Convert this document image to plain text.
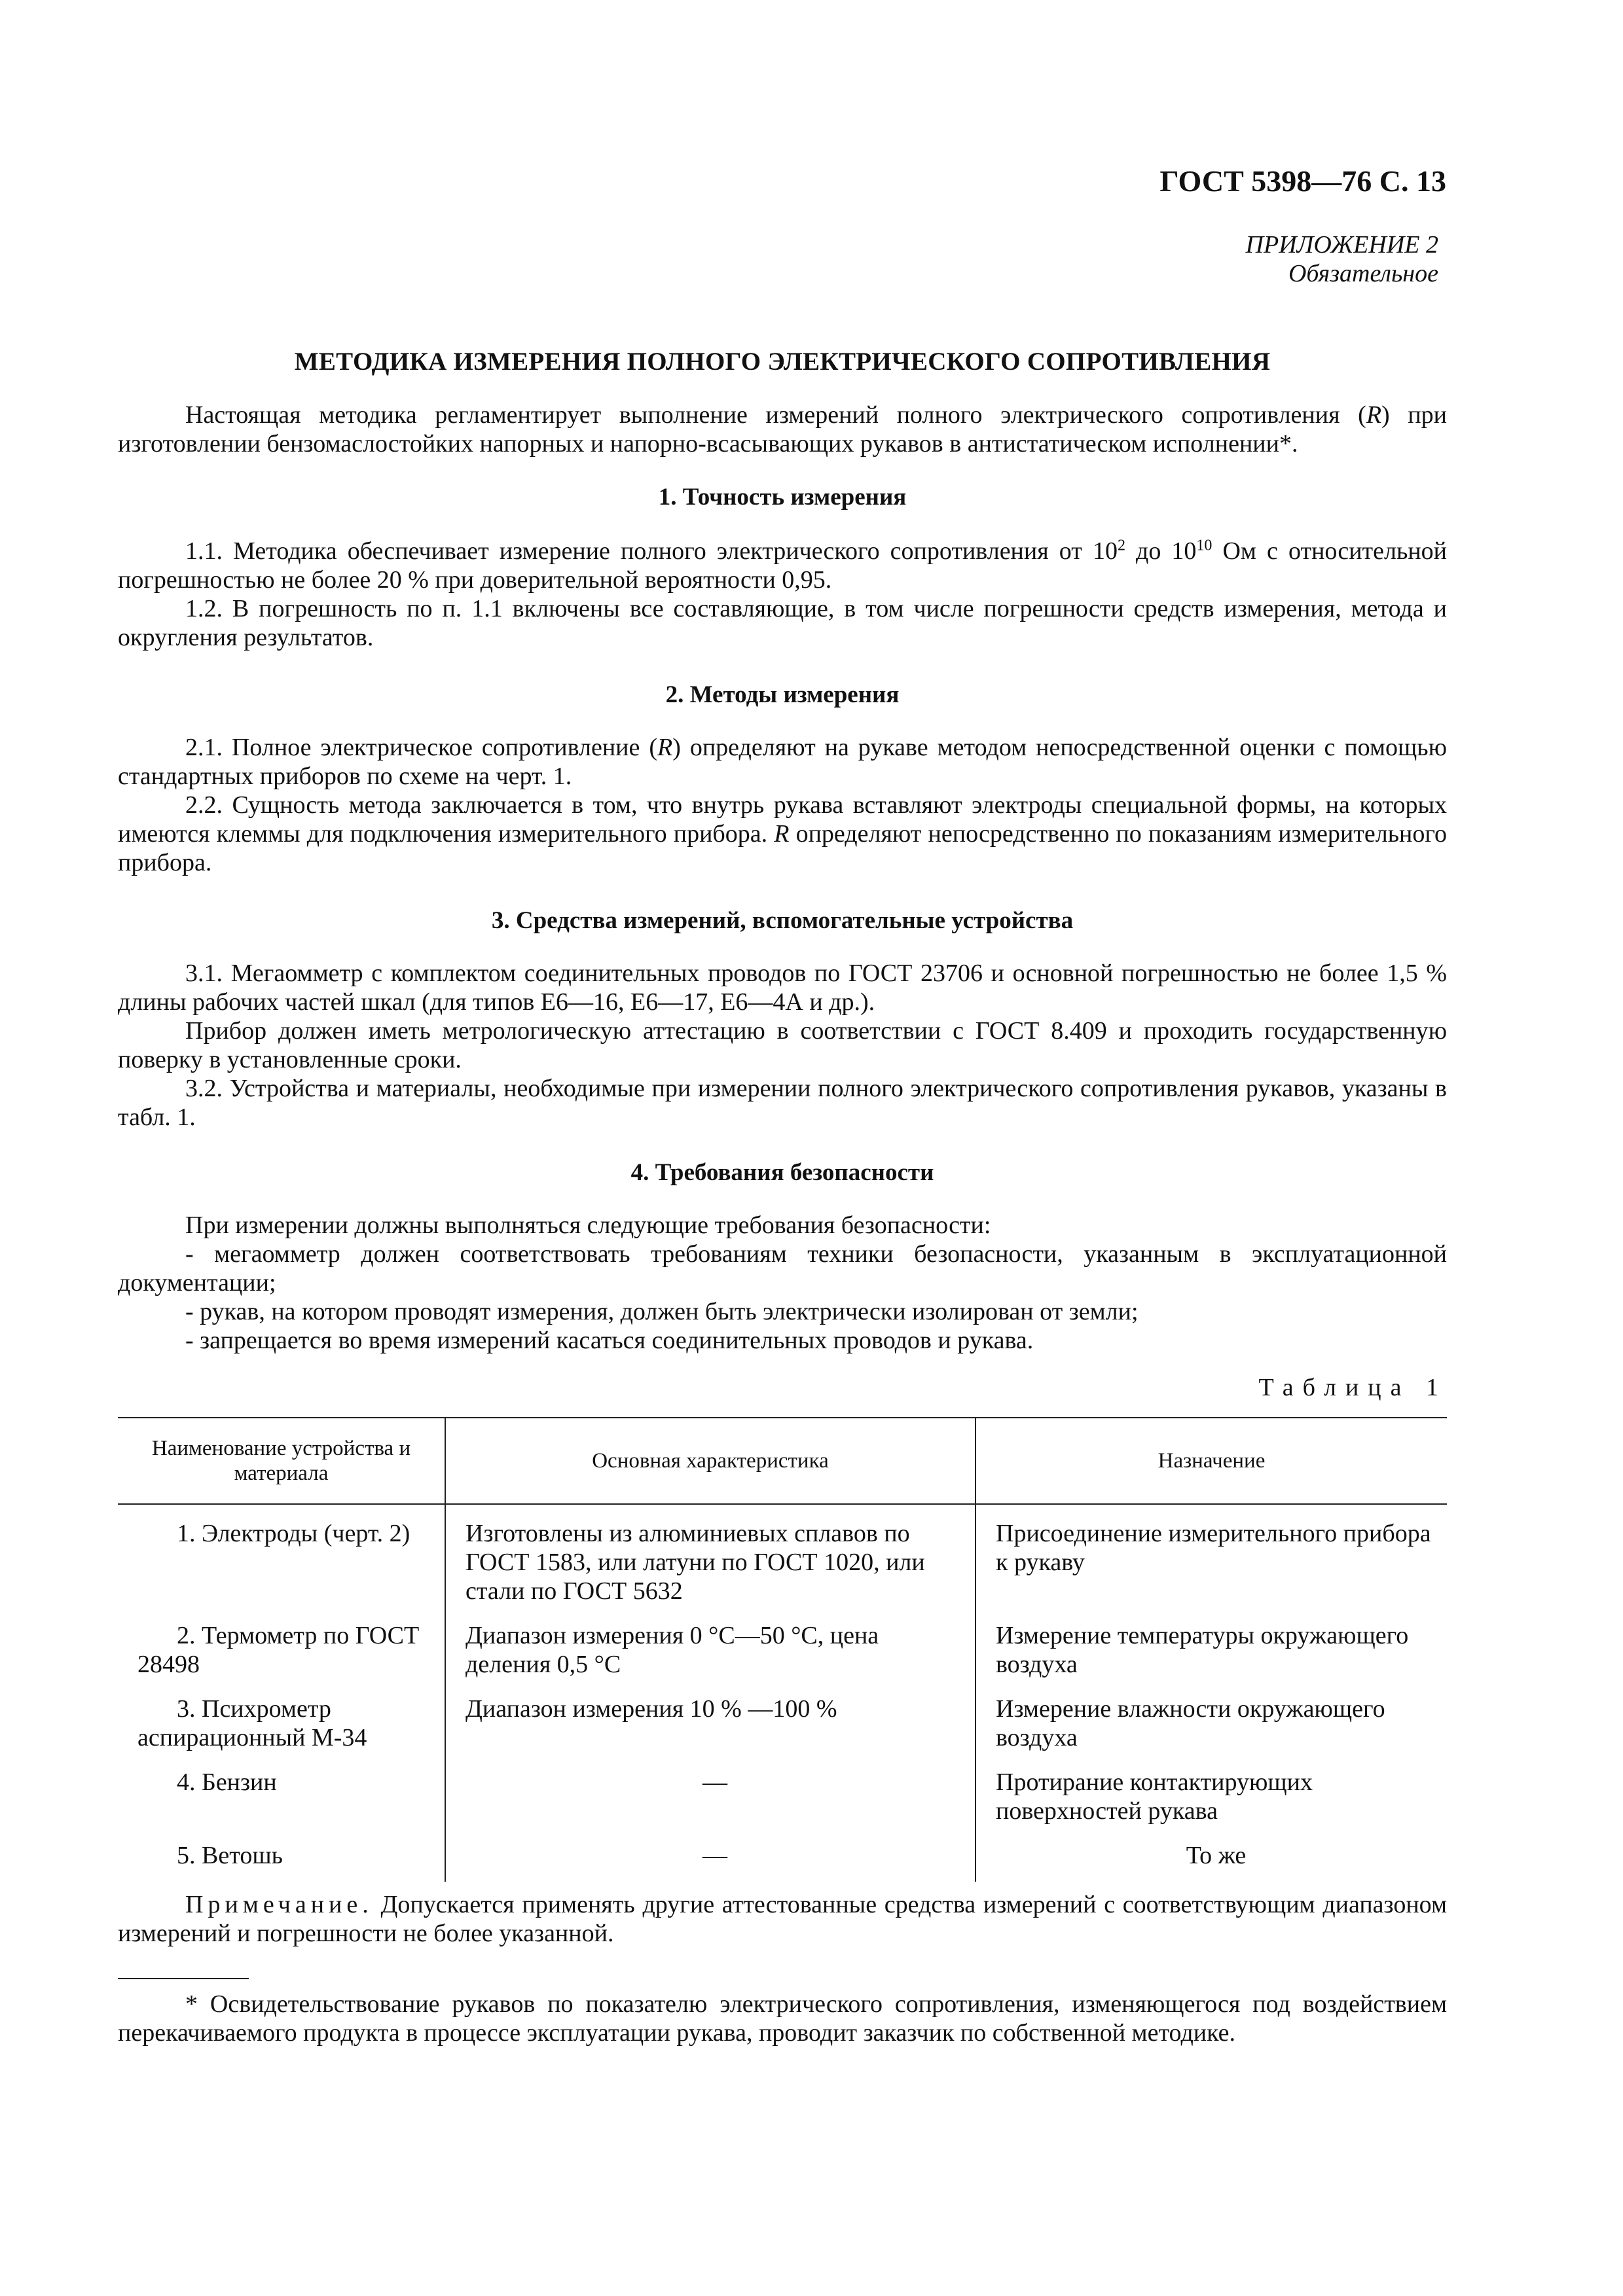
ГОСТ 5398—76 С. 13
ПРИЛОЖЕНИЕ 2
Обязательное
МЕТОДИКА ИЗМЕРЕНИЯ ПОЛНОГО ЭЛЕКТРИЧЕСКОГО СОПРОТИВЛЕНИЯ

Настоящая методика регламентирует выполнение измерений полного электрического сопротивления (R) при изготовлении бензомаслостойких напорных и напорно-всасывающих рукавов в антистатическом исполнении*.

1. Точность измерения

1.1. Методика обеспечивает измерение полного электрического сопротивления от $10^2$ до $10^{10}$ Ом с относительной погрешностью не более 20 % при доверительной вероятности 0,95.

1.2. В погрешность по п. 1.1 включены все составляющие, в том числе погрешности средств измерения, метода и округления результатов.

2. Методы измерения

2.1. Полное электрическое сопротивление (R) определяют на рукаве методом непосредственной оценки с помощью стандартных приборов по схеме на черт. 1.

2.2. Сущность метода заключается в том, что внутрь рукава вставляют электроды специальной формы, на которых имеются клеммы для подключения измерительного прибора. R определяют непосредственно по показаниям измерительного прибора.

3. Средства измерений, вспомогательные устройства

3.1. Мегаомметр с комплектом соединительных проводов по ГОСТ 23706 и основной погрешностью не более 1,5 % длины рабочих частей шкал (для типов Е6—16, Е6—17, Е6—4А и др.).

Прибор должен иметь метрологическую аттестацию в соответствии с ГОСТ 8.409 и проходить государственную поверку в установленные сроки.

3.2. Устройства и материалы, необходимые при измерении полного электрического сопротивления рукавов, указаны в табл. 1.

4. Требования безопасности

При измерении должны выполняться следующие требования безопасности:

- мегаомметр должен соответствовать требованиям техники безопасности, указанным в эксплуатационной документации;

- рукав, на котором проводят измерения, должен быть электрически изолирован от земли;

- запрещается во время измерений касаться соединительных проводов и рукава.

Таблица 1
Наименование устройства и материала	Основная характеристика	Назначение

1. Электроды (черт. 2)	Изготовлены из алюминиевых сплавов по ГОСТ 1583, или латуни по ГОСТ 1020, или стали по ГОСТ 5632	Присоединение измерительного прибора к рукаву

2. Термометр по ГОСТ 28498	Диапазон измерения 0 °С—50 °С, цена деления 0,5 °С	Измерение температуры окружающего воздуха

3. Психрометр аспирационный М-34	Диапазон измерения 10 % —100 %	Измерение влажности окружающего воздуха

4. Бензин	—	Протирание контактирующих поверхностей рукава

5. Ветошь	—	То же

Примечание. Допускается применять другие аттестованные средства измерений с соответствующим диапазоном измерений и погрешности не более указанной.

* Освидетельствование рукавов по показателю электрического сопротивления, изменяющегося под воздействием перекачиваемого продукта в процессе эксплуатации рукава, проводит заказчик по собственной методике.
